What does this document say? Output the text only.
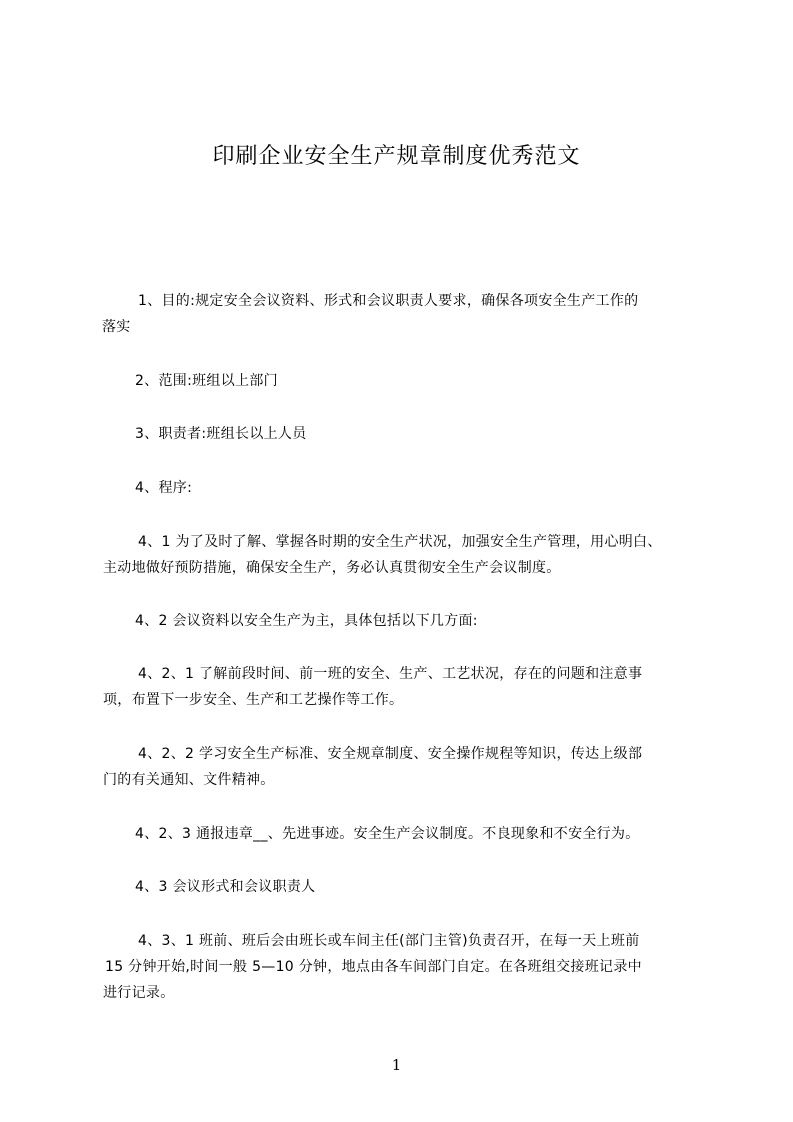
印刷企业安全生产规章制度优秀范文
1、目的:规定安全会议资料、形式和会议职责人要求，确保各项安全生产工作的
落实
2、范围:班组以上部门
3、职责者:班组长以上人员
4、程序:
4、1 为了及时了解、掌握各时期的安全生产状况，加强安全生产管理，用心明白、
主动地做好预防措施，确保安全生产，务必认真贯彻安全生产会议制度。
4、2 会议资料以安全生产为主，具体包括以下几方面:
4、2、1 了解前段时间、前一班的安全、生产、工艺状况，存在的问题和注意事
项，布置下一步安全、生产和工艺操作等工作。
4、2、2 学习安全生产标准、安全规章制度、安全操作规程等知识，传达上级部
门的有关通知、文件精神。
4、2、3 通报违章__、先进事迹。安全生产会议制度。不良现象和不安全行为。
4、3 会议形式和会议职责人
4、3、1 班前、班后会由班长或车间主任(部门主管)负责召开，在每一天上班前
15 分钟开始,时间一般 5—10 分钟，地点由各车间部门自定。在各班组交接班记录中
进行记录。
1
